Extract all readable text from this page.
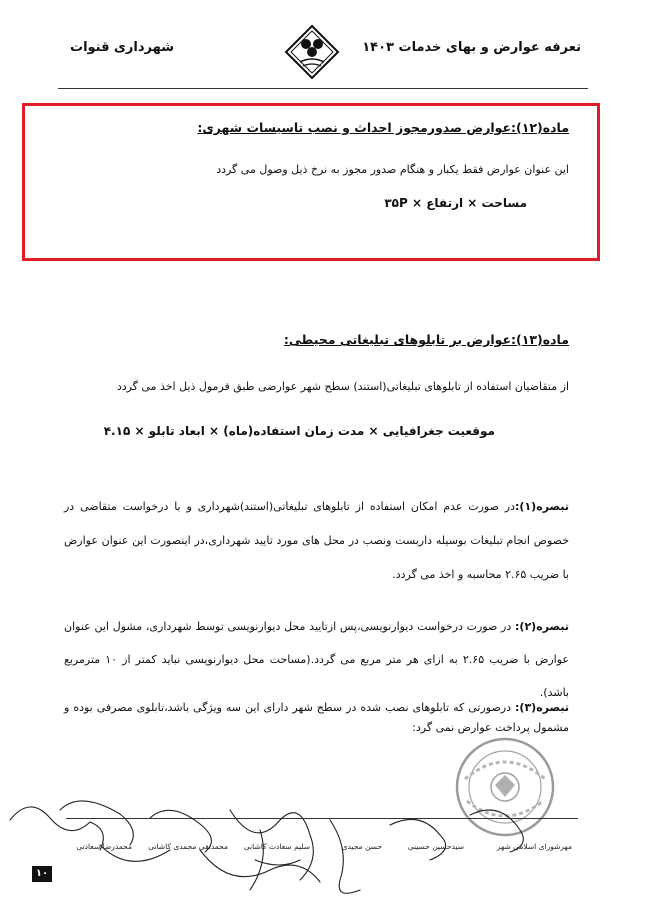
تعرفه عوارض و بهای خدمات ۱۴۰۳
شهرداری قنوات
ماده(۱۲):عوارض صدورمجوز احداث و نصب تاسیسات شهری:
این عنوان عوارض فقط یکبار و هنگام صدور مجوز به نرخ ذیل وصول می گردد
مساحت × ارتفاع × ۳۵P
ماده(۱۳):عوارض بر تابلوهای تبلیغاتی محیطی:
از متقاضیان استفاده از تابلوهای تبلیغاتی(استند) سطح شهر عوارضی طبق فرمول ذیل اخذ می گردد
موقعیت جغرافیایی × مدت زمان استفاده(ماه) × ابعاد تابلو × ۴.۱۵
تبصره(۱):در صورت عدم امکان استفاده از تابلوهای تبلیغاتی(استند)شهرداری و با درخواست متقاضی در خصوص انجام تبلیغات بوسیله داربست ونصب در محل های مورد تایید شهرداری،در اینصورت این عنوان عوارض با ضریب ۲.۶۵ محاسبه و اخذ می گردد.
تبصره(۲): در صورت درخواست دیوارنویسی،پس ازتایید محل دیوارنویسی توسط شهرداری، مشول این عنوان عوارض با ضریب ۲.۶۵ به ازای هر متر مربع می گردد.(مساحت محل دیوارنویسی نباید کمتر از ۱۰ مترمربع باشد).
تبصره(۳): درصورتی که تابلوهای نصب شده در سطح شهر دارای این سه ویژگی باشد،تابلوی مصرفی بوده و مشمول پرداخت عوارض نمی گرد:
مهرشورای اسلامی شهر
سیدحسین حسینی
حسن مجیدی
سلیم سعادت کاشانی
محمدتقی محمدی کاشانی
محمدرضا سعادتی
۱۰
